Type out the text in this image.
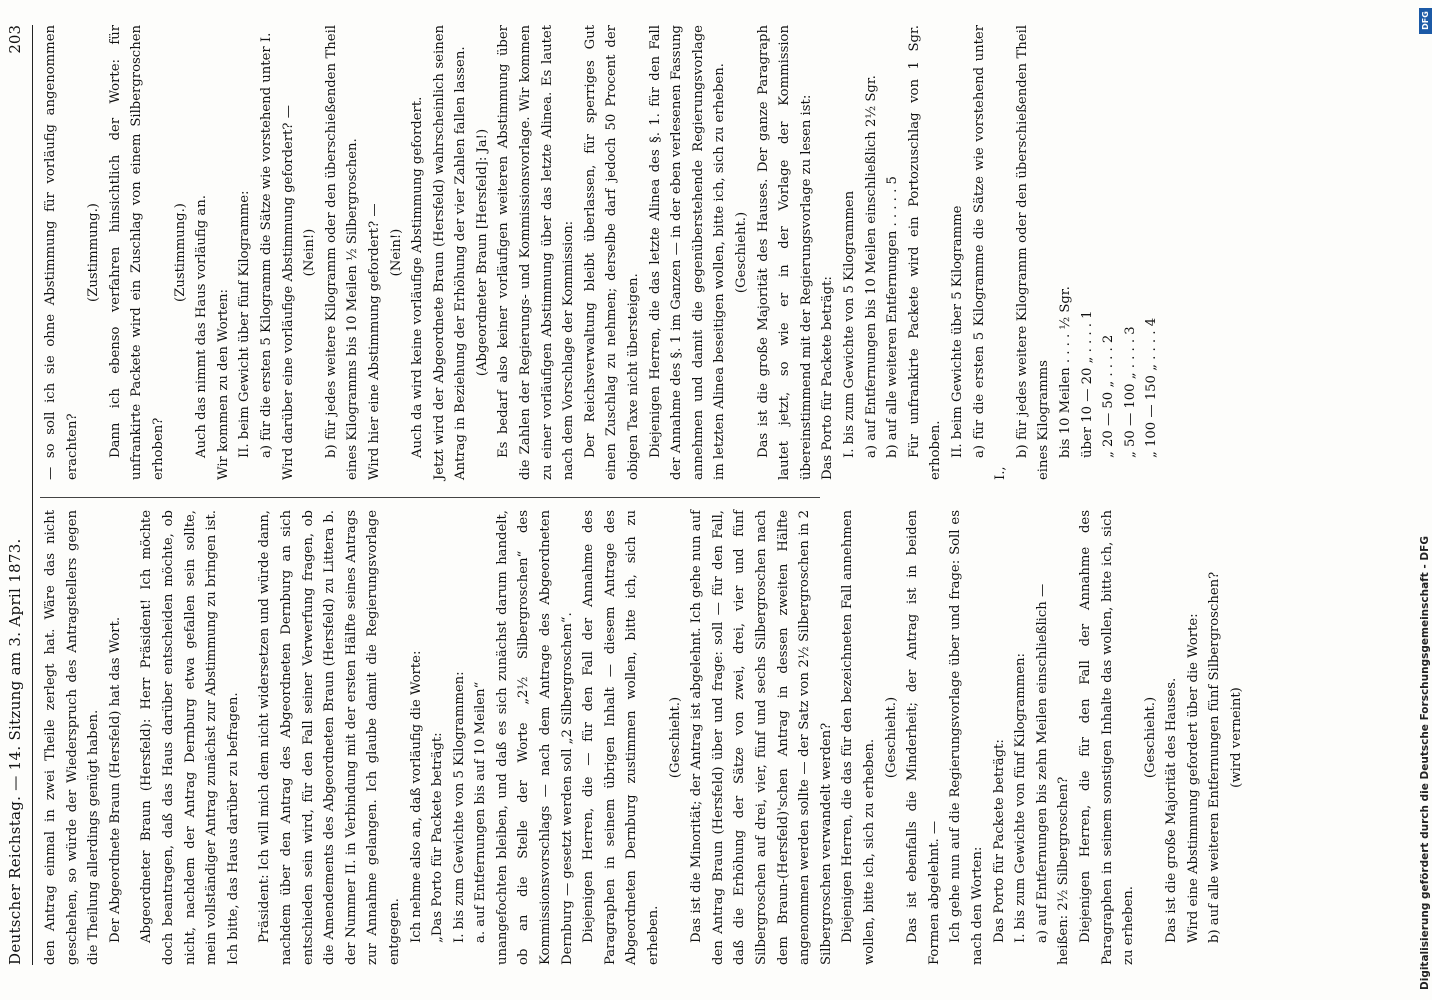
Deutscher Reichstag. — 14. Sitzung am 3. April 1873.
203

den Antrag einmal in zwei Theile zerlegt hat. Wäre das nicht geschehen, so würde der Wiederspruch des Antragstellers gegen die Theilung allerdings genügt haben. Der Abgeordnete Braun (Hersfeld) hat das Wort. Abgeordneter Braun (Hersfeld): Herr Präsident! Ich möchte doch beantragen, daß das Haus darüber entscheiden möchte, ob nicht, nachdem der Antrag Dernburg etwa gefallen sein sollte, mein vollständiger Antrag zunächst zur Abstimmung zu bringen ist. Ich bitte, das Haus darüber zu befragen. Präsident: Ich will mich dem nicht widersetzen und würde dann, nachdem über den Antrag des Abgeordneten Dernburg an sich entschieden sein wird, für den Fall seiner Verwerfung fragen, ob die Amendements des Abgeordneten Braun (Hersfeld) zu Littera b. der Nummer II. in Verbindung mit der ersten Hälfte seines Antrags zur Annahme gelangen. Ich glaube damit die Regierungsvorlage entgegen. Ich nehme also an, daß vorläufig die Worte: „Das Porto für Packete beträgt: I. bis zum Gewichte von 5 Kilogrammen: a. auf Entfernungen bis auf 10 Meilen“ unangefochten bleiben, und daß es sich zunächst darum handelt, ob an die Stelle der Worte „2½ Silbergroschen“ des Kommissionsvorschlags — nach dem Antrage des Abgeordneten Dernburg — gesetzt werden soll „2 Silbergroschen“. Diejenigen Herren, die — für den Fall der Annahme des Paragraphen in seinem übrigen Inhalt — diesem Antrage des Abgeordneten Dernburg zustimmen wollen, bitte ich, sich zu erheben.

(Geschieht.) Das ist die Minorität; der Antrag ist abgelehnt. Ich gehe nun auf den Antrag Braun (Hersfeld) über und frage: soll — für den Fall, daß die Erhöhung der Sätze von zwei, drei, vier und fünf Silbergroschen auf drei, vier, fünf und sechs Silbergroschen nach dem Braun-(Hersfeld)'schen Antrag in dessen zweiten Hälfte angenommen werden sollte — der Satz von 2½ Silbergroschen in 2 Silbergroschen verwandelt werden? Diejenigen Herren, die das für den bezeichneten Fall annehmen wollen, bitte ich, sich zu erheben.

(Geschieht.) Das ist ebenfalls die Minderheit; der Antrag ist in beiden Formen abgelehnt. — Ich gehe nun auf die Regierungsvorlage über und frage: Soll es nach den Worten: Das Porto für Packete beträgt: I. bis zum Gewichte von fünf Kilogrammen: a) auf Entfernungen bis zehn Meilen einschließlich — heißen: 2½ Silbergroschen? Diejenigen Herren, die für den Fall der Annahme des Paragraphen in seinem sonstigen Inhalte das wollen, bitte ich, sich zu erheben.

(Geschieht.) Das ist die große Majorität des Hauses. Wird eine Abstimmung gefordert über die Worte: b) auf alle weiteren Entfernungen fünf Silbergroschen? (wird verneint)

— so soll ich sie ohne Abstimmung für vorläufig angenommen erachten?

(Zustimmung.) Dann ich ebenso verfahren hinsichtlich der Worte: für unfrankirte Packete wird ein Zuschlag von einem Silbergroschen erhoben?

(Zustimmung.) Auch das nimmt das Haus vorläufig an. Wir kommen zu den Worten: II. beim Gewicht über fünf Kilogramme: a) für die ersten 5 Kilogramm die Sätze wie vorstehend unter I. Wird darüber eine vorläufige Abstimmung gefordert? — (Nein!) b) für jedes weitere Kilogramm oder den überschießenden Theil eines Kilogramms bis 10 Meilen ½ Silbergroschen. Wird hier eine Abstimmung gefordert? — (Nein!) Auch da wird keine vorläufige Abstimmung gefordert. Jetzt wird der Abgeordnete Braun (Hersfeld) wahrscheinlich seinen Antrag in Beziehung der Erhöhung der vier Zahlen fallen lassen. (Abgeordneter Braun [Hersfeld]: Ja!) Es bedarf also keiner vorläufigen weiteren Abstimmung über die Zahlen der Regierungs- und Kommissionsvorlage. Wir kommen zu einer vorläufigen Abstimmung über das letzte Alinea. Es lautet nach dem Vorschlage der Kommission: Der Reichsverwaltung bleibt überlassen, für sperriges Gut einen Zuschlag zu nehmen; derselbe darf jedoch 50 Procent der obigen Taxe nicht übersteigen. Diejenigen Herren, die das letzte Alinea des §. 1. für den Fall der Annahme des §. 1 im Ganzen — in der eben verlesenen Fassung annehmen und damit die gegenüberstehende Regierungsvorlage im letzten Alinea beseitigen wollen, bitte ich, sich zu erheben. (Geschieht.) Das ist die große Majorität des Hauses. Der ganze Paragraph lautet jetzt, so wie er in der Vorlage der Kommission übereinstimmend mit der Regierungsvorlage zu lesen ist: Das Porto für Packete beträgt: I. bis zum Gewichte von 5 Kilogrammen a) auf Entfernungen bis 10 Meilen einschließlich 2½ Sgr. b) auf alle weiteren Entfernungen . . . . . 5 Für unfrankirte Packete wird ein Portozuschlag von 1 Sgr. erhoben. II. beim Gewichte über 5 Kilogramme a) für die ersten 5 Kilogramme die Sätze wie vorstehend unter I.,

b) für jedes weitere Kilogramm oder den überschießenden Theil eines Kilogramms bis 10 Meilen . . . . ½ Sgr. über 10 — 20 „ . . . . 1 „ 20 — 50 „ . . . . 2 „ 50 — 100 „ . . . . 3 „ 100 — 150 „ . . . . 4

DFG
Digitalisierung gefördert durch die Deutsche Forschungsgemeinschaft - DFG
